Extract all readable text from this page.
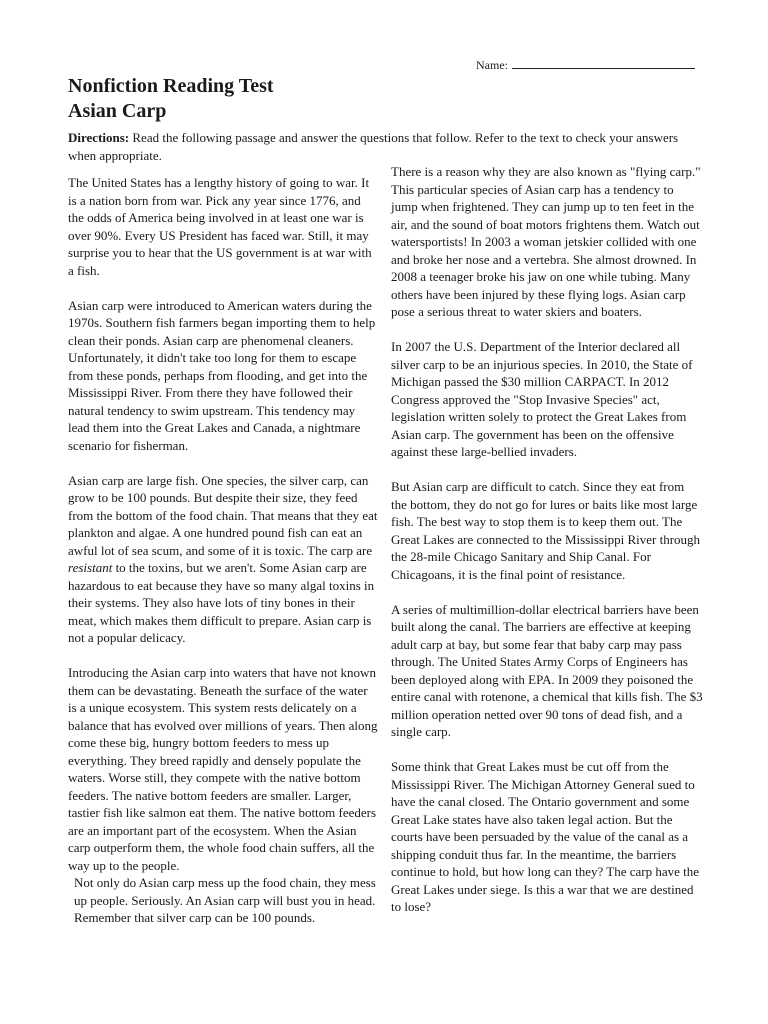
Name:
Nonfiction Reading Test
Asian Carp

Directions: Read the following passage and answer the questions that follow. Refer to the text to check your answers when appropriate.

The United States has a lengthy history of going to war. It is a nation born from war. Pick any year since 1776, and the odds of America being involved in at least one war is over 90%. Every US President has faced war. Still, it may surprise you to hear that the US government is at war with a fish.

Asian carp were introduced to American waters during the 1970s. Southern fish farmers began importing them to help clean their ponds. Asian carp are phenomenal cleaners. Unfortunately, it didn't take too long for them to escape from these ponds, perhaps from flooding, and get into the Mississippi River. From there they have followed their natural tendency to swim upstream. This tendency may lead them into the Great Lakes and Canada, a nightmare scenario for fisherman.

Asian carp are large fish. One species, the silver carp, can grow to be 100 pounds. But despite their size, they feed from the bottom of the food chain. That means that they eat plankton and algae. A one hundred pound fish can eat an awful lot of sea scum, and some of it is toxic. The carp are resistant to the toxins, but we aren't. Some Asian carp are hazardous to eat because they have so many algal toxins in their systems. They also have lots of tiny bones in their meat, which makes them difficult to prepare. Asian carp is not a popular delicacy.

Introducing the Asian carp into waters that have not known them can be devastating. Beneath the surface of the water is a unique ecosystem. This system rests delicately on a balance that has evolved over millions of years. Then along come these big, hungry bottom feeders to mess up everything. They breed rapidly and densely populate the waters. Worse still, they compete with the native bottom feeders. The native bottom feeders are smaller. Larger, tastier fish like salmon eat them. The native bottom feeders are an important part of the ecosystem. When the Asian carp outperform them, the whole food chain suffers, all the way up to the people.

Not only do Asian carp mess up the food chain, they mess up people. Seriously. An Asian carp will bust you in head. Remember that silver carp can be 100 pounds.

There is a reason why they are also known as "flying carp." This particular species of Asian carp has a tendency to jump when frightened. They can jump up to ten feet in the air, and the sound of boat motors frightens them. Watch out watersportists! In 2003 a woman jetskier collided with one and broke her nose and a vertebra. She almost drowned. In 2008 a teenager broke his jaw on one while tubing. Many others have been injured by these flying logs. Asian carp pose a serious threat to water skiers and boaters.

In 2007 the U.S. Department of the Interior declared all silver carp to be an injurious species. In 2010, the State of Michigan passed the $30 million CARPACT. In 2012 Congress approved the "Stop Invasive Species" act, legislation written solely to protect the Great Lakes from Asian carp. The government has been on the offensive against these large-bellied invaders.

But Asian carp are difficult to catch. Since they eat from the bottom, they do not go for lures or baits like most large fish. The best way to stop them is to keep them out. The Great Lakes are connected to the Mississippi River through the 28-mile Chicago Sanitary and Ship Canal. For Chicagoans, it is the final point of resistance.

A series of multimillion-dollar electrical barriers have been built along the canal. The barriers are effective at keeping adult carp at bay, but some fear that baby carp may pass through. The United States Army Corps of Engineers has been deployed along with EPA. In 2009 they poisoned the entire canal with rotenone, a chemical that kills fish. The $3 million operation netted over 90 tons of dead fish, and a single carp.

Some think that Great Lakes must be cut off from the Mississippi River. The Michigan Attorney General sued to have the canal closed. The Ontario government and some Great Lake states have also taken legal action. But the courts have been persuaded by the value of the canal as a shipping conduit thus far. In the meantime, the barriers continue to hold, but how long can they? The carp have the Great Lakes under siege. Is this a war that we are destined to lose?
